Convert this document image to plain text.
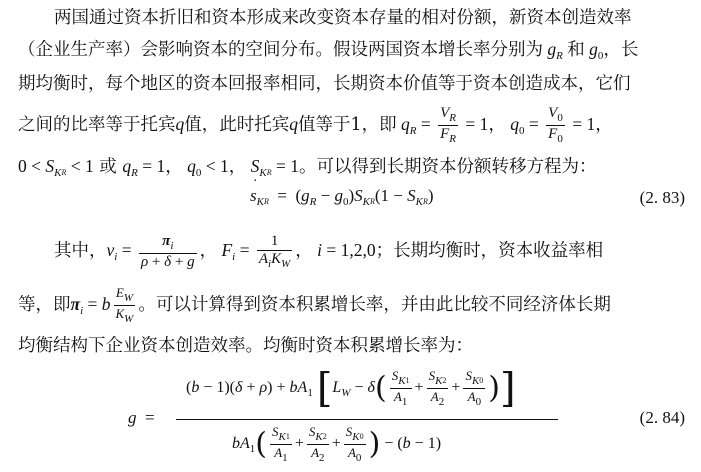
两国通过资本折旧和资本形成来改变资本存量的相对份额，新资本创造效率
（企业生产率）会影响资本的空间分布。假设两国资本增长率分别为 $g_R$ 和 $g_0$，长
期均衡时，每个地区的资本回报率相同，长期资本价值等于资本创造成本，它们
之间的比率等于托宾q值，此时托宾q值等于1，即 $q_R = \frac{V_R}{F_R} = 1$， $q_0 = \frac{V_0}{F_0} = 1$，
$0 < S_KR < 1$ 或 $q_R = 1$， $q_0 < 1$， $S_KR = 1$。可以得到长期资本份额转移方程为：
·
$s_KR = (g_R - g_0)S_KR(1 - S_KR)$	(2. 83)
其中，$v_i = \frac{\pi_i}{\rho + \delta + g}$ ， $F_i = \frac{1}{A_iK_W}$ ， i = 1,2,0；长期均衡时，资本收益率相
等，即$\pi_i = b \frac{E_W}{K_W}$ 。可以计算得到资本积累增长率，并由此比较不同经济体长期
均衡结构下企业资本创造效率。均衡时资本积累增长率为：
g  =
$(b - 1)(\delta + \rho) + bA_1$ [$L_W - \delta( \frac{S_{K1}}{A_1} + \frac{S_{K2}}{A_2} + \frac{S_{K0}}{A_0}$ )]
$bA_1( \frac{S_{K1}}{A_1} + \frac{S_{K2}}{A_2} + \frac{S_{K0}}{A_0}$ ) − (b − 1)
(2. 84)
